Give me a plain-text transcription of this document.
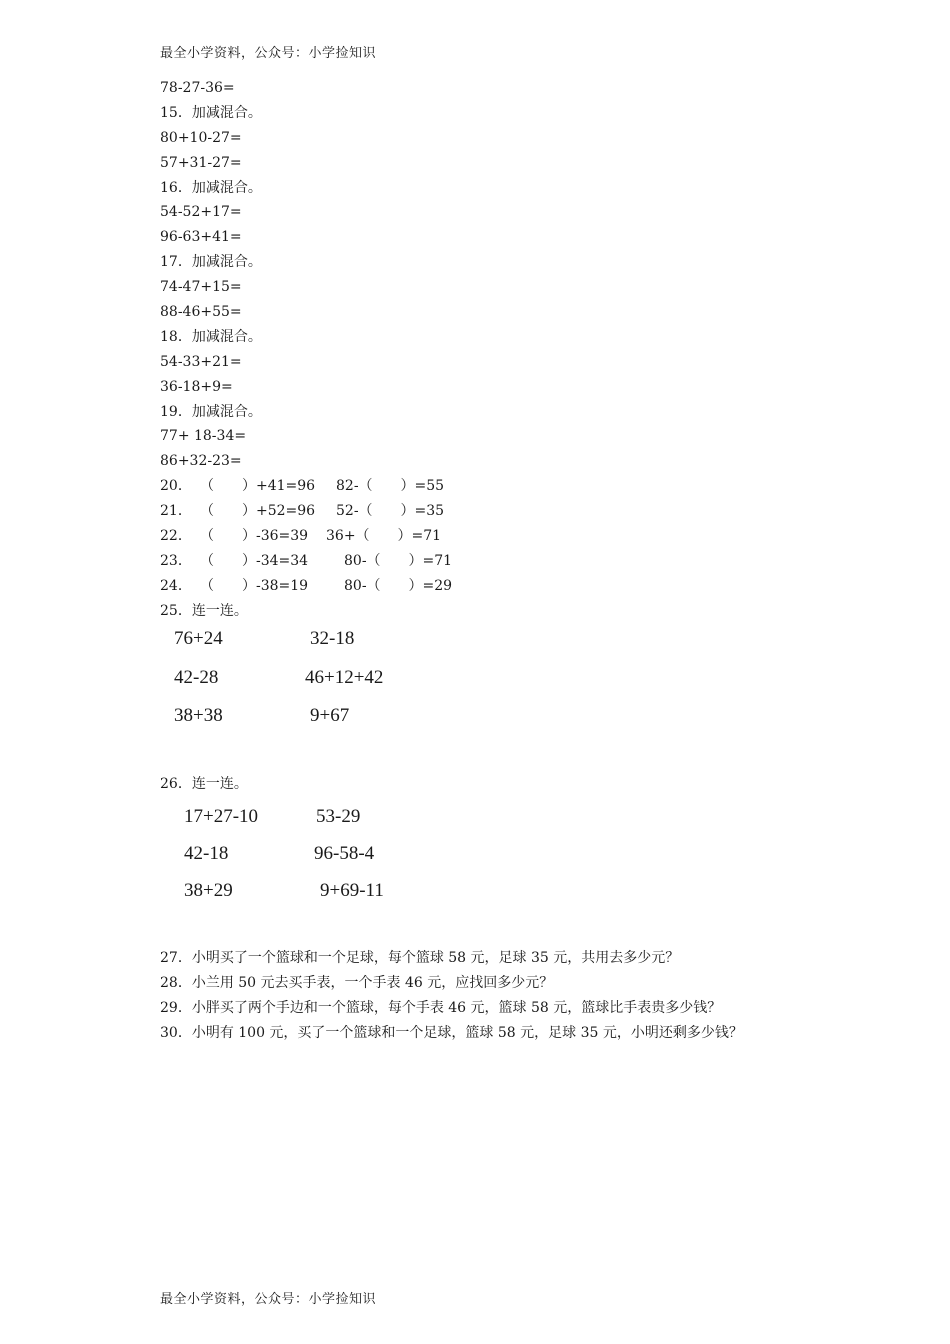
最全小学资料，公众号：小学捡知识
78-27-36=
15．加减混合。
80+10-27=
57+31-27=
16．加减混合。
54-52+17=
96-63+41=
17．加减混合。
74-47+15=
88-46+55=
18．加减混合。
54-33+21=
36-18+9=
19．加减混合。
77+ 18-34=
86+32-23=
20． （　　）+41=96 82-（　　）=55
21． （　　）+52=96 52-（　　）=35
22． （　　）-36=39 36+（　　）=71
23． （　　）-34=34	80-（　　）=71
24． （　　）-38=19	80-（　　）=29
25．连一连。
76+24
42-28
38+38
32-18
46+12+42
9+67
26．连一连。
17+27-10
42-18
38+29
53-29
96-58-4
9+69-11
27．小明买了一个篮球和一个足球，每个篮球 58 元，足球 35 元，共用去多少元？
28．小兰用 50 元去买手表，一个手表 46 元，应找回多少元？
29．小胖买了两个手边和一个篮球，每个手表 46 元，篮球 58 元，篮球比手表贵多少钱？
30．小明有 100 元，买了一个篮球和一个足球，篮球 58 元，足球 35 元，小明还剩多少钱？
最全小学资料，公众号：小学捡知识
